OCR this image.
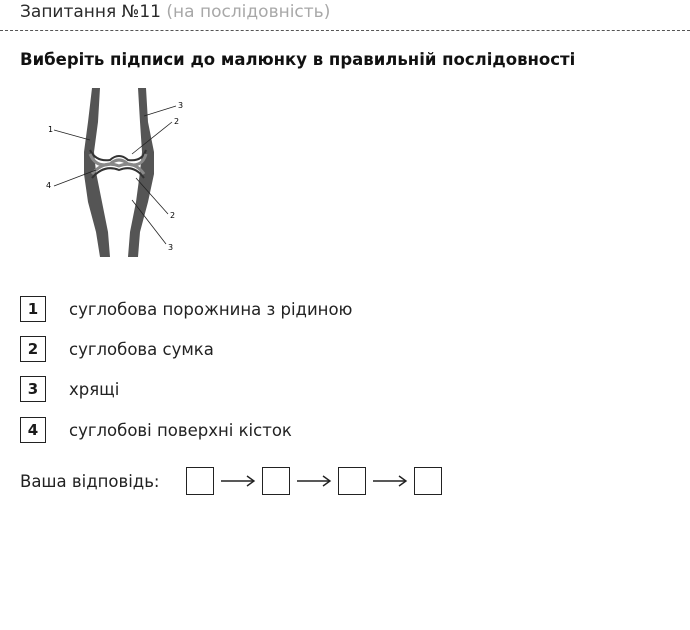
Запитання №11 (на послідовність)
Виберіть підписи до малюнку в правильній послідовності
1
4
3
2
2
3
1	суглобова порожнина з рідиною
2	суглобова сумка
3	хрящі
4	суглобові поверхні кісток
Ваша відповідь:
